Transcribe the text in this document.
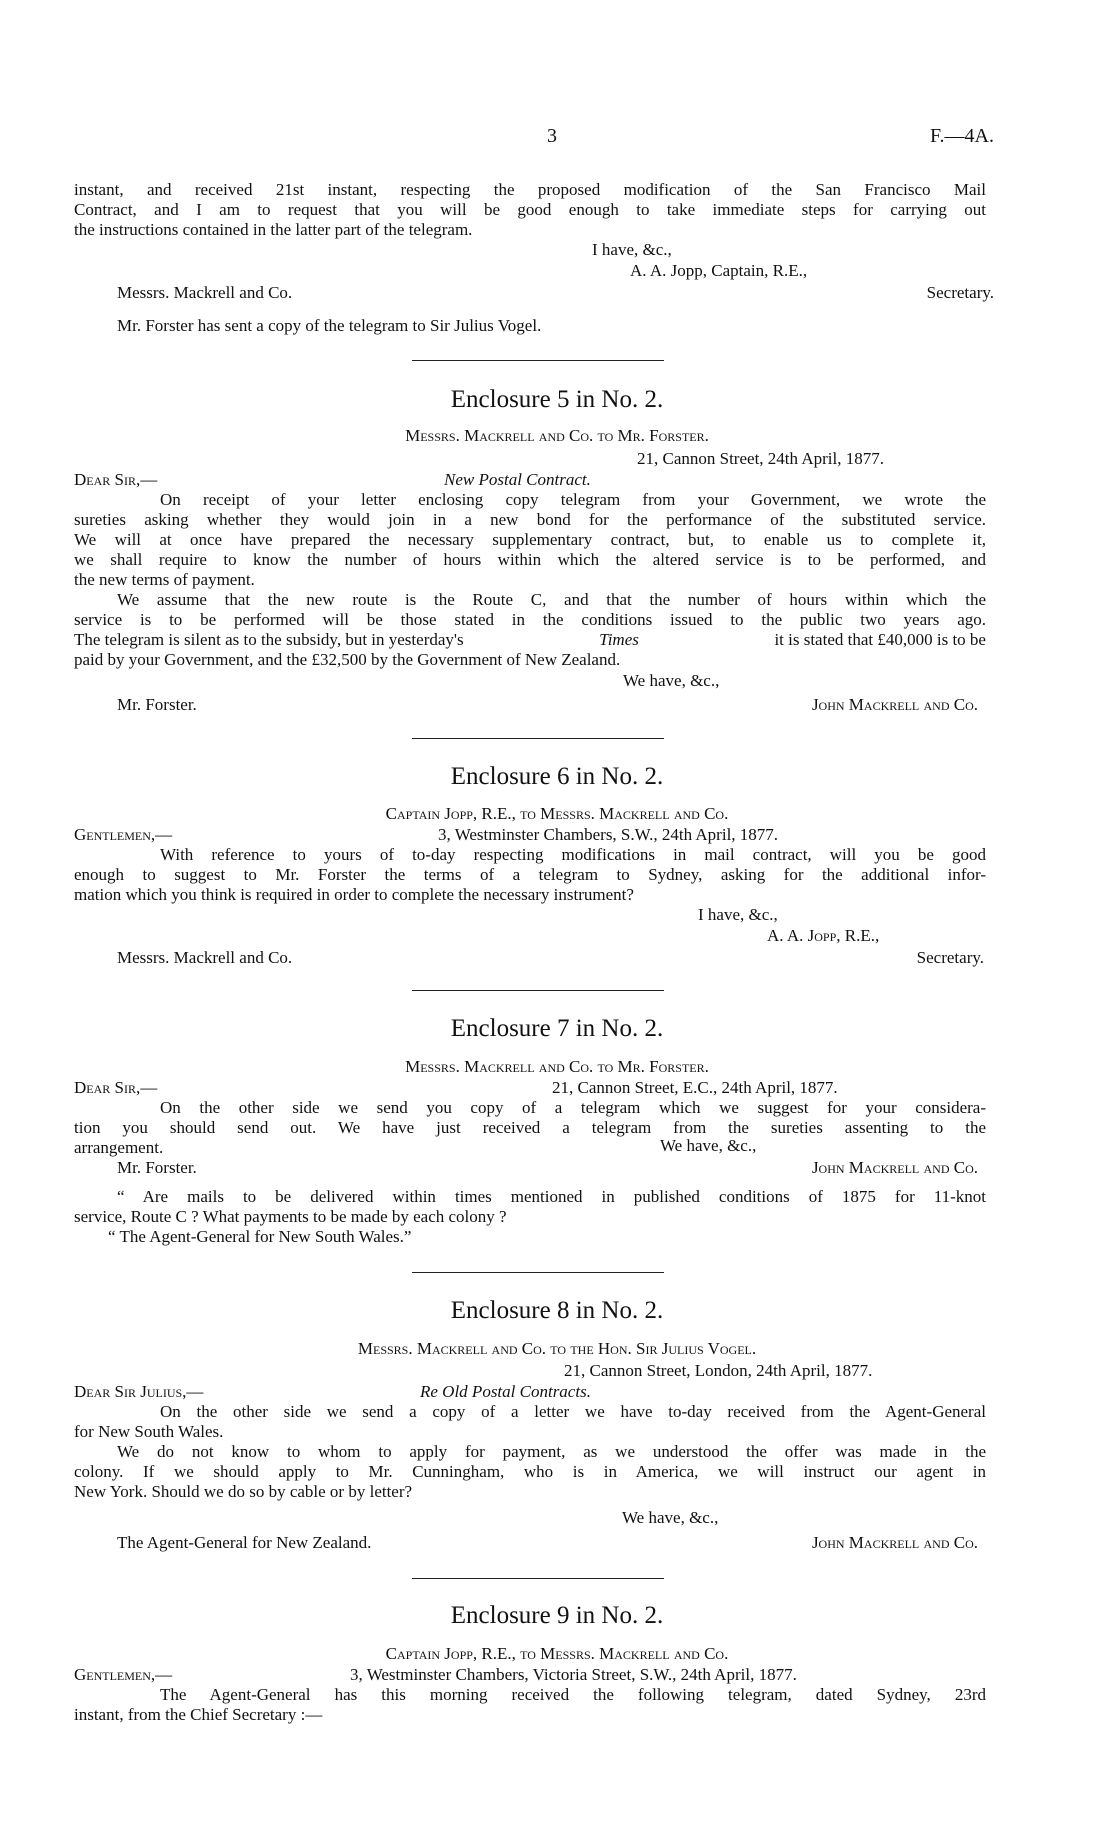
3	F.—4A.
instant, and received 21st instant, respecting the proposed modification of the San Francisco Mail
Contract, and I am to request that you will be good enough to take immediate steps for carrying out
the instructions contained in the latter part of the telegram.
I have, &c.,
A. A. Jopp, Captain, R.E.,
Messrs. Mackrell and Co.	Secretary.
Mr. Forster has sent a copy of the telegram to Sir Julius Vogel.
Enclosure 5 in No. 2.
Messrs. Mackrell and Co. to Mr. Forster.
21, Cannon Street, 24th April, 1877.
Dear Sir,—	New Postal Contract.
On receipt of your letter enclosing copy telegram from your Government, we wrote the
sureties asking whether they would join in a new bond for the performance of the substituted service.
We will at once have prepared the necessary supplementary contract, but, to enable us to complete it,
we shall require to know the number of hours within which the altered service is to be performed, and
the new terms of payment.
We assume that the new route is the Route C, and that the number of hours within which the
service is to be performed will be those stated in the conditions issued to the public two years ago.
The telegram is silent as to the subsidy, but in yesterday's	Times	it is stated that £40,000 is to be
paid by your Government, and the £32,500 by the Government of New Zealand.
We have, &c.,
Mr. Forster.	John Mackrell and Co.
Enclosure 6 in No. 2.
Captain Jopp, R.E., to Messrs. Mackrell and Co.
Gentlemen,—	3, Westminster Chambers, S.W., 24th April, 1877.
With reference to yours of to-day respecting modifications in mail contract, will you be good
enough to suggest to Mr. Forster the terms of a telegram to Sydney, asking for the additional infor-
mation which you think is required in order to complete the necessary instrument?
I have, &c.,
A. A. Jopp, R.E.,
Messrs. Mackrell and Co.	Secretary.
Enclosure 7 in No. 2.
Messrs. Mackrell and Co. to Mr. Forster.
Dear Sir,—	21, Cannon Street, E.C., 24th April, 1877.
On the other side we send you copy of a telegram which we suggest for your considera-
tion you should send out. We have just received a telegram from the sureties assenting to the
arrangement.	We have, &c.,
Mr. Forster.	John Mackrell and Co.
“ Are mails to be delivered within times mentioned in published conditions of 1875 for 11-knot
service, Route C ? What payments to be made by each colony ?
“ The Agent-General for New South Wales.”
Enclosure 8 in No. 2.
Messrs. Mackrell and Co. to the Hon. Sir Julius Vogel.
21, Cannon Street, London, 24th April, 1877.
Dear Sir Julius,—	Re Old Postal Contracts.
On the other side we send a copy of a letter we have to-day received from the Agent-General
for New South Wales.
We do not know to whom to apply for payment, as we understood the offer was made in the
colony. If we should apply to Mr. Cunningham, who is in America, we will instruct our agent in
New York. Should we do so by cable or by letter?
We have, &c.,
The Agent-General for New Zealand.	John Mackrell and Co.
Enclosure 9 in No. 2.
Captain Jopp, R.E., to Messrs. Mackrell and Co.
Gentlemen,—	3, Westminster Chambers, Victoria Street, S.W., 24th April, 1877.
The Agent-General has this morning received the following telegram, dated Sydney, 23rd
instant, from the Chief Secretary :—
